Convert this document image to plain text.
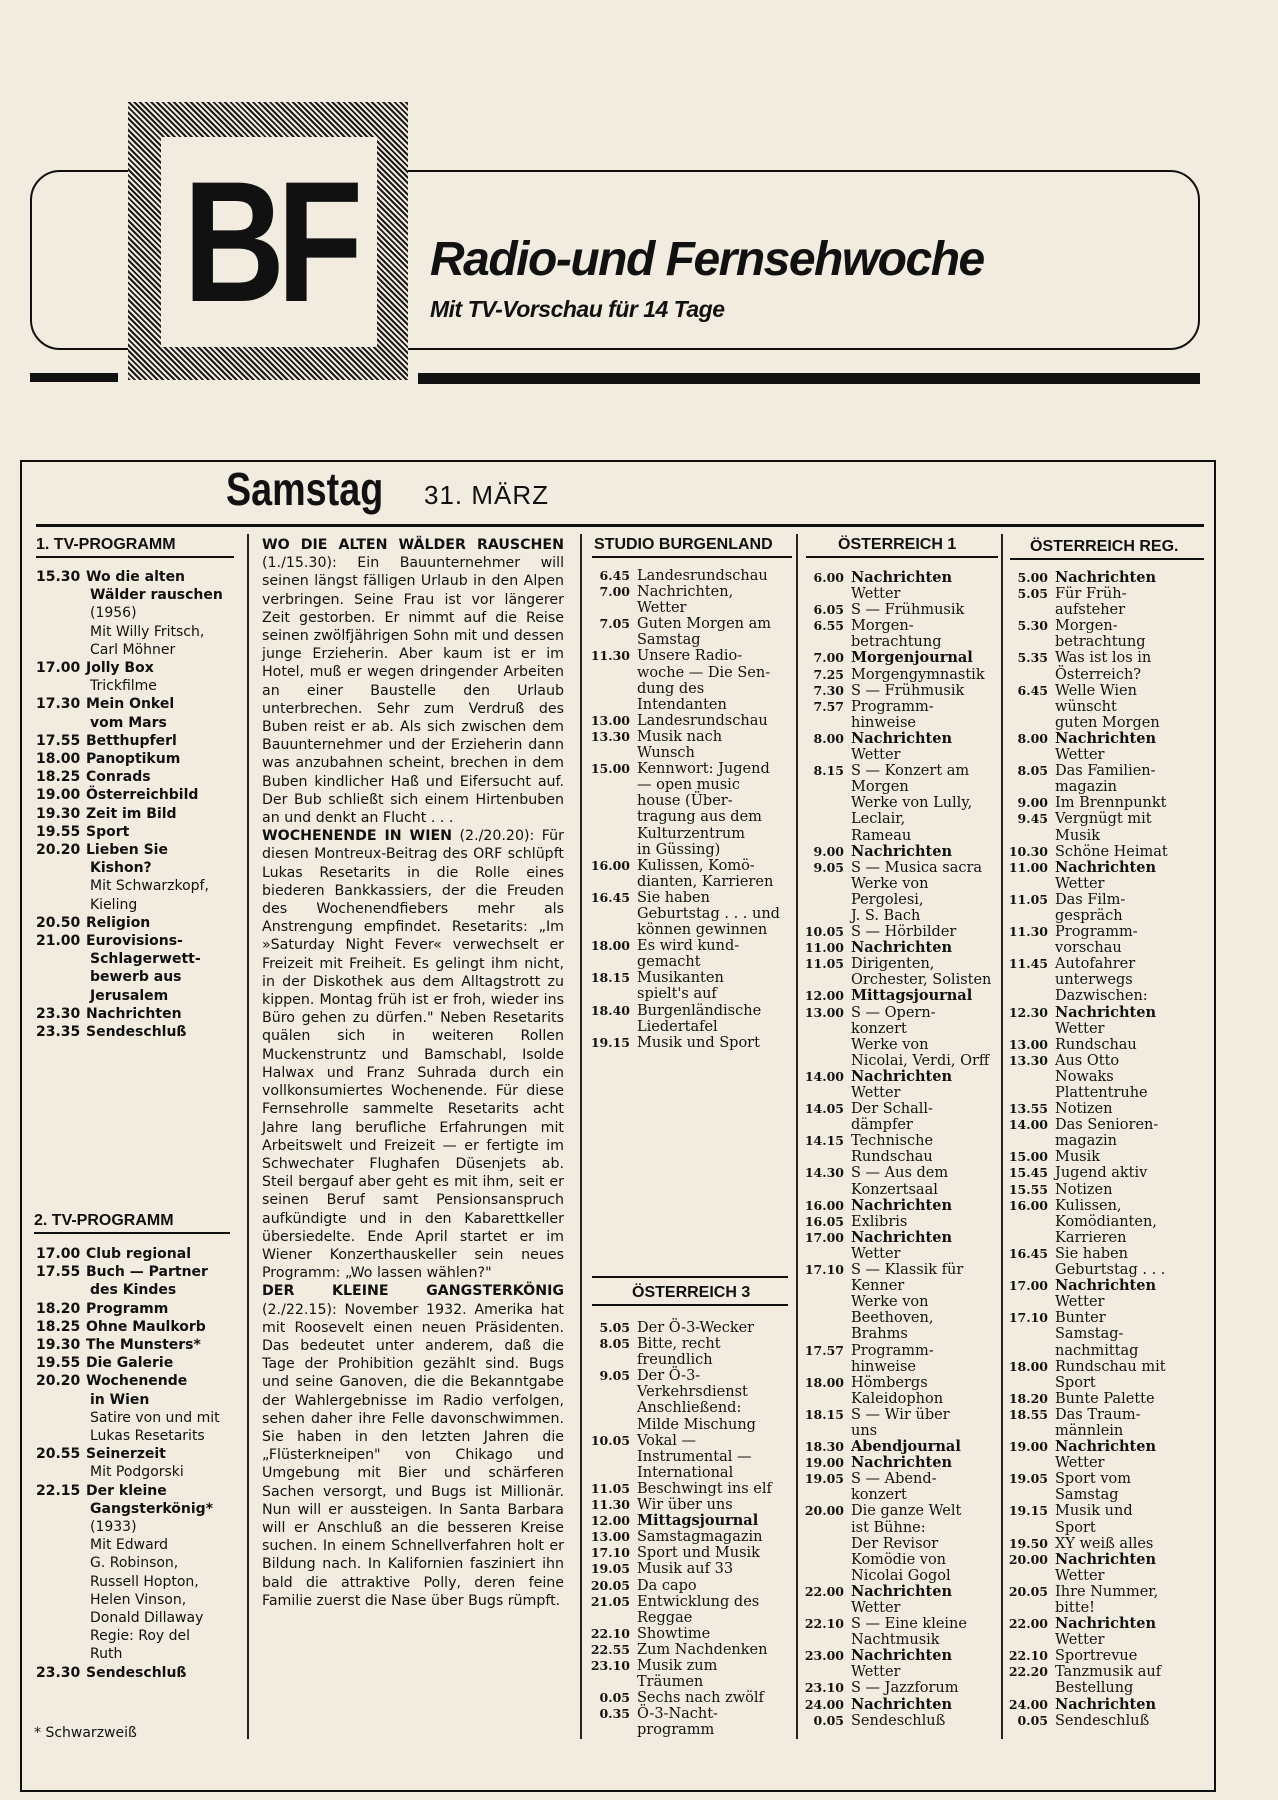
BF Radio-und Fernsehwoche
Mit TV-Vorschau für 14 Tage
Samstag 31. MÄRZ
1. TV-PROGRAMM
15.30 Wo die alten
Wälder rauschen
(1956)
Mit Willy Fritsch,
Carl Möhner
17.00 Jolly Box
Trickfilme
17.30 Mein Onkel
vom Mars
17.55 Betthupferl
18.00 Panoptikum
18.25 Conrads
19.00 Österreichbild
19.30 Zeit im Bild
19.55 Sport
20.20 Lieben Sie
Kishon?
Mit Schwarzkopf,
Kieling
20.50 Religion
21.00 Eurovisions-
Schlagerwett-
bewerb aus
Jerusalem
23.30 Nachrichten
23.35 Sendeschluß
2. TV-PROGRAMM
17.00 Club regional
17.55 Buch — Partner
des Kindes
18.20 Programm
18.25 Ohne Maulkorb
19.30 The Munsters*
19.55 Die Galerie
20.20 Wochenende
in Wien
Satire von und mit
Lukas Resetarits
20.55 Seinerzeit
Mit Podgorski
22.15 Der kleine
Gangsterkönig*
(1933)
Mit Edward
G. Robinson,
Russell Hopton,
Helen Vinson,
Donald Dillaway
Regie: Roy del
Ruth
23.30 Sendeschluß
* Schwarzweiß

WO DIE ALTEN WÄLDER RAUSCHEN (1./15.30): Ein Bauunternehmer will seinen längst fälligen Urlaub in den Alpen verbringen. Seine Frau ist vor längerer Zeit gestorben. Er nimmt auf die Reise seinen zwölfjährigen Sohn mit und dessen junge Erzieherin. Aber kaum ist er im Hotel, muß er wegen dringender Arbeiten an einer Baustelle den Urlaub unterbrechen. Sehr zum Verdruß des Buben reist er ab. Als sich zwischen dem Bauunternehmer und der Erzieherin dann was anzubahnen scheint, brechen in dem Buben kindlicher Haß und Eifersucht auf. Der Bub schließt sich einem Hirtenbuben an und denkt an Flucht . . .

WOCHENENDE IN WIEN (2./20.20): Für diesen Montreux-Beitrag des ORF schlüpft Lukas Resetarits in die Rolle eines biederen Bankkassiers, der die Freuden des Wochenendfiebers mehr als Anstrengung empfindet. Resetarits: „Im »Saturday Night Fever« verwechselt er Freizeit mit Freiheit. Es gelingt ihm nicht, in der Diskothek aus dem Alltagstrott zu kippen. Montag früh ist er froh, wieder ins Büro gehen zu dürfen." Neben Resetarits quälen sich in weiteren Rollen Muckenstruntz und Bamschabl, Isolde Halwax und Franz Suhrada durch ein vollkonsumiertes Wochenende. Für diese Fernsehrolle sammelte Resetarits acht Jahre lang berufliche Erfahrungen mit Arbeitswelt und Freizeit — er fertigte im Schwechater Flughafen Düsenjets ab. Steil bergauf aber geht es mit ihm, seit er seinen Beruf samt Pensionsanspruch aufkündigte und in den Kabarettkeller übersiedelte. Ende April startet er im Wiener Konzerthauskeller sein neues Programm: „Wo lassen wählen?"

DER KLEINE GANGSTERKÖNIG (2./22.15): November 1932. Amerika hat mit Roosevelt einen neuen Präsidenten. Das bedeutet unter anderem, daß die Tage der Prohibition gezählt sind. Bugs und seine Ganoven, die die Bekanntgabe der Wahlergebnisse im Radio verfolgen, sehen daher ihre Felle davonschwimmen. Sie haben in den letzten Jahren die „Flüsterkneipen" von Chikago und Umgebung mit Bier und schärferen Sachen versorgt, und Bugs ist Millionär. Nun will er aussteigen. In Santa Barbara will er Anschluß an die besseren Kreise suchen. In einem Schnellverfahren holt er Bildung nach. In Kalifornien fasziniert ihn bald die attraktive Polly, deren feine Familie zuerst die Nase über Bugs rümpft.

STUDIO BURGENLAND
6.45 Landesrundschau
7.00 Nachrichten,
Wetter
7.05 Guten Morgen am
Samstag
11.30 Unsere Radio-
woche — Die Sen-
dung des
Intendanten
13.00 Landesrundschau
13.30 Musik nach
Wunsch
15.00 Kennwort: Jugend
— open music
house (Über-
tragung aus dem
Kulturzentrum
in Güssing)
16.00 Kulissen, Komö-
dianten, Karrieren
16.45 Sie haben
Geburtstag . . . und
können gewinnen
18.00 Es wird kund-
gemacht
18.15 Musikanten
spielt's auf
18.40 Burgenländische
Liedertafel
19.15 Musik und Sport
ÖSTERREICH 3
5.05 Der Ö-3-Wecker
8.05 Bitte, recht
freundlich
9.05 Der Ö-3-
Verkehrsdienst
Anschließend:
Milde Mischung
10.05 Vokal —
Instrumental —
International
11.05 Beschwingt ins elf
11.30 Wir über uns
12.00 Mittagsjournal
13.00 Samstagmagazin
17.10 Sport und Musik
19.05 Musik auf 33
20.05 Da capo
21.05 Entwicklung des
Reggae
22.10 Showtime
22.55 Zum Nachdenken
23.10 Musik zum
Träumen
0.05 Sechs nach zwölf
0.35 Ö-3-Nacht-
programm
ÖSTERREICH 1
6.00 Nachrichten
Wetter
6.05 S — Frühmusik
6.55 Morgen-
betrachtung
7.00 Morgenjournal
7.25 Morgengymnastik
7.30 S — Frühmusik
7.57 Programm-
hinweise
8.00 Nachrichten
Wetter
8.15 S — Konzert am
Morgen
Werke von Lully,
Leclair,
Rameau
9.00 Nachrichten
9.05 S — Musica sacra
Werke von
Pergolesi,
J. S. Bach
10.05 S — Hörbilder
11.00 Nachrichten
11.05 Dirigenten,
Orchester, Solisten
12.00 Mittagsjournal
13.00 S — Opern-
konzert
Werke von
Nicolai, Verdi, Orff
14.00 Nachrichten
Wetter
14.05 Der Schall-
dämpfer
14.15 Technische
Rundschau
14.30 S — Aus dem
Konzertsaal
16.00 Nachrichten
16.05 Exlibris
17.00 Nachrichten
Wetter
17.10 S — Klassik für
Kenner
Werke von
Beethoven,
Brahms
17.57 Programm-
hinweise
18.00 Hömbergs
Kaleidophon
18.15 S — Wir über
uns
18.30 Abendjournal
19.00 Nachrichten
19.05 S — Abend-
konzert
20.00 Die ganze Welt
ist Bühne:
Der Revisor
Komödie von
Nicolai Gogol
22.00 Nachrichten
Wetter
22.10 S — Eine kleine
Nachtmusik
23.00 Nachrichten
Wetter
23.10 S — Jazzforum
24.00 Nachrichten
0.05 Sendeschluß
ÖSTERREICH REG.
5.00 Nachrichten
5.05 Für Früh-
aufsteher
5.30 Morgen-
betrachtung
5.35 Was ist los in
Österreich?
6.45 Welle Wien
wünscht
guten Morgen
8.00 Nachrichten
Wetter
8.05 Das Familien-
magazin
9.00 Im Brennpunkt
9.45 Vergnügt mit
Musik
10.30 Schöne Heimat
11.00 Nachrichten
Wetter
11.05 Das Film-
gespräch
11.30 Programm-
vorschau
11.45 Autofahrer
unterwegs
Dazwischen:
12.30 Nachrichten
Wetter
13.00 Rundschau
13.30 Aus Otto
Nowaks
Plattentruhe
13.55 Notizen
14.00 Das Senioren-
magazin
15.00 Musik
15.45 Jugend aktiv
15.55 Notizen
16.00 Kulissen,
Komödianten,
Karrieren
16.45 Sie haben
Geburtstag . . .
17.00 Nachrichten
Wetter
17.10 Bunter
Samstag-
nachmittag
18.00 Rundschau mit
Sport
18.20 Bunte Palette
18.55 Das Traum-
männlein
19.00 Nachrichten
Wetter
19.05 Sport vom
Samstag
19.15 Musik und
Sport
19.50 XY weiß alles
20.00 Nachrichten
Wetter
20.05 Ihre Nummer,
bitte!
22.00 Nachrichten
Wetter
22.10 Sportrevue
22.20 Tanzmusik auf
Bestellung
24.00 Nachrichten
0.05 Sendeschluß
